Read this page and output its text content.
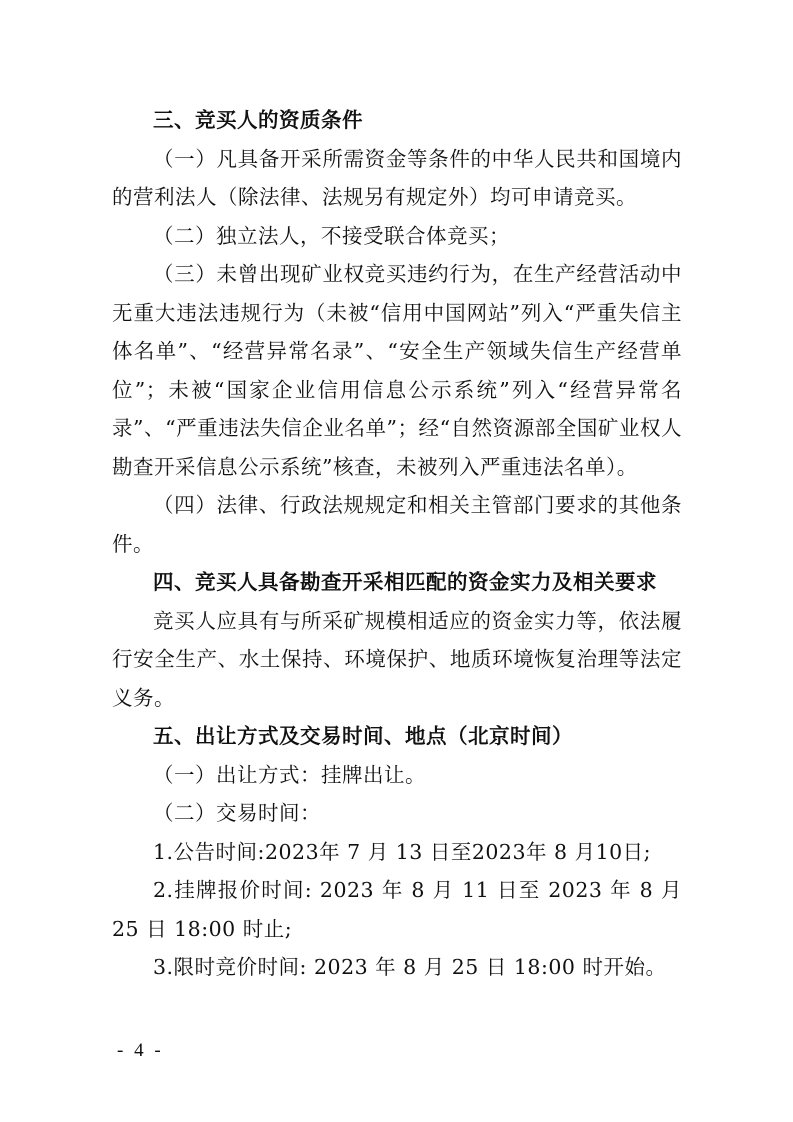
三、竞买人的资质条件

（一）凡具备开采所需资金等条件的中华人民共和国境内的营利法人（除法律、法规另有规定外）均可申请竞买。

（二）独立法人，不接受联合体竞买；

（三）未曾出现矿业权竞买违约行为，在生产经营活动中无重大违法违规行为（未被“信用中国网站”列入“严重失信主体名单”、“经营异常名录”、“安全生产领域失信生产经营单位”；未被“国家企业信用信息公示系统”列入“经营异常名录”、“严重违法失信企业名单”；经“自然资源部全国矿业权人勘查开采信息公示系统”核查，未被列入严重违法名单）。

（四）法律、行政法规规定和相关主管部门要求的其他条件。

四、竞买人具备勘查开采相匹配的资金实力及相关要求

竞买人应具有与所采矿规模相适应的资金实力等，依法履行安全生产、水土保持、环境保护、地质环境恢复治理等法定义务。

五、出让方式及交易时间、地点（北京时间）

（一）出让方式：挂牌出让。

（二）交易时间：

1.公告时间:2023年 7 月 13 日至2023年 8 月10日;

2.挂牌报价时间: 2023 年 8 月 11 日至 2023 年 8 月 25 日 18:00 时止;

3.限时竞价时间: 2023 年 8 月 25 日 18:00 时开始。

- 4 -
